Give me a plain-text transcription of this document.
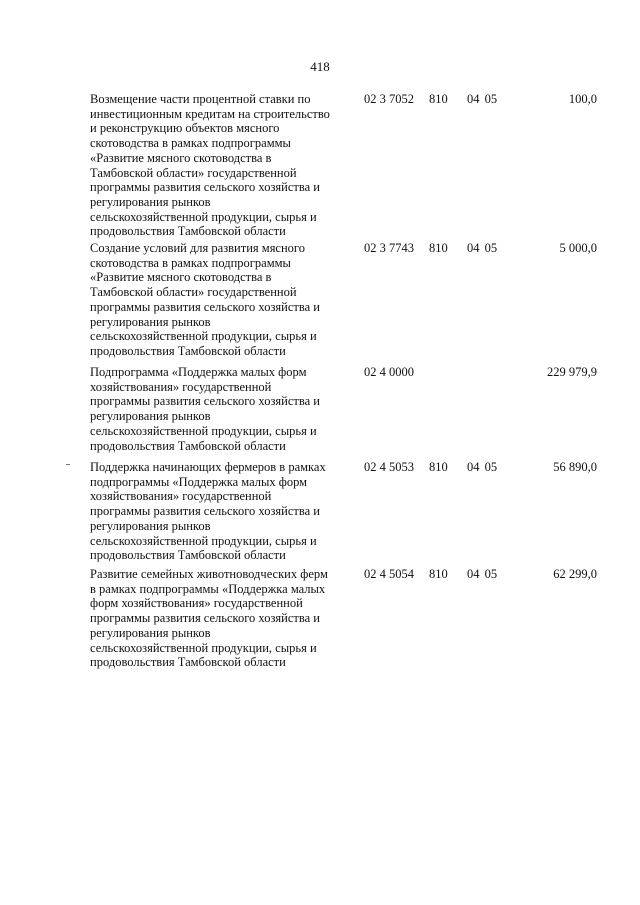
418
Возмещение части процентной ставки по
инвестиционным кредитам на строительство
и реконструкцию объектов мясного
скотоводства в рамках подпрограммы
«Развитие мясного скотоводства в
Тамбовской области» государственной
программы развития сельского хозяйства и
регулирования рынков
сельскохозяйственной продукции, сырья и
продовольствия Тамбовской области
02 3 7052 810 04 05	100,0
Создание условий для развития мясного
скотоводства в рамках подпрограммы
«Развитие мясного скотоводства в
Тамбовской области» государственной
программы развития сельского хозяйства и
регулирования рынков
сельскохозяйственной продукции, сырья и
продовольствия Тамбовской области
02 3 7743 810 04 05	5 000,0
Подпрограмма «Поддержка малых форм
хозяйствования» государственной
программы развития сельского хозяйства и
регулирования рынков
сельскохозяйственной продукции, сырья и
продовольствия Тамбовской области
02 4 0000	229 979,9
Поддержка начинающих фермеров в рамках
подпрограммы «Поддержка малых форм
хозяйствования» государственной
программы развития сельского хозяйства и
регулирования рынков
сельскохозяйственной продукции, сырья и
продовольствия Тамбовской области
02 4 5053 810 04 05	56 890,0
Развитие семейных животноводческих ферм
в рамках подпрограммы «Поддержка малых
форм хозяйствования» государственной
программы развития сельского хозяйства и
регулирования рынков
сельскохозяйственной продукции, сырья и
продовольствия Тамбовской области
02 4 5054 810 04 05	62 299,0
